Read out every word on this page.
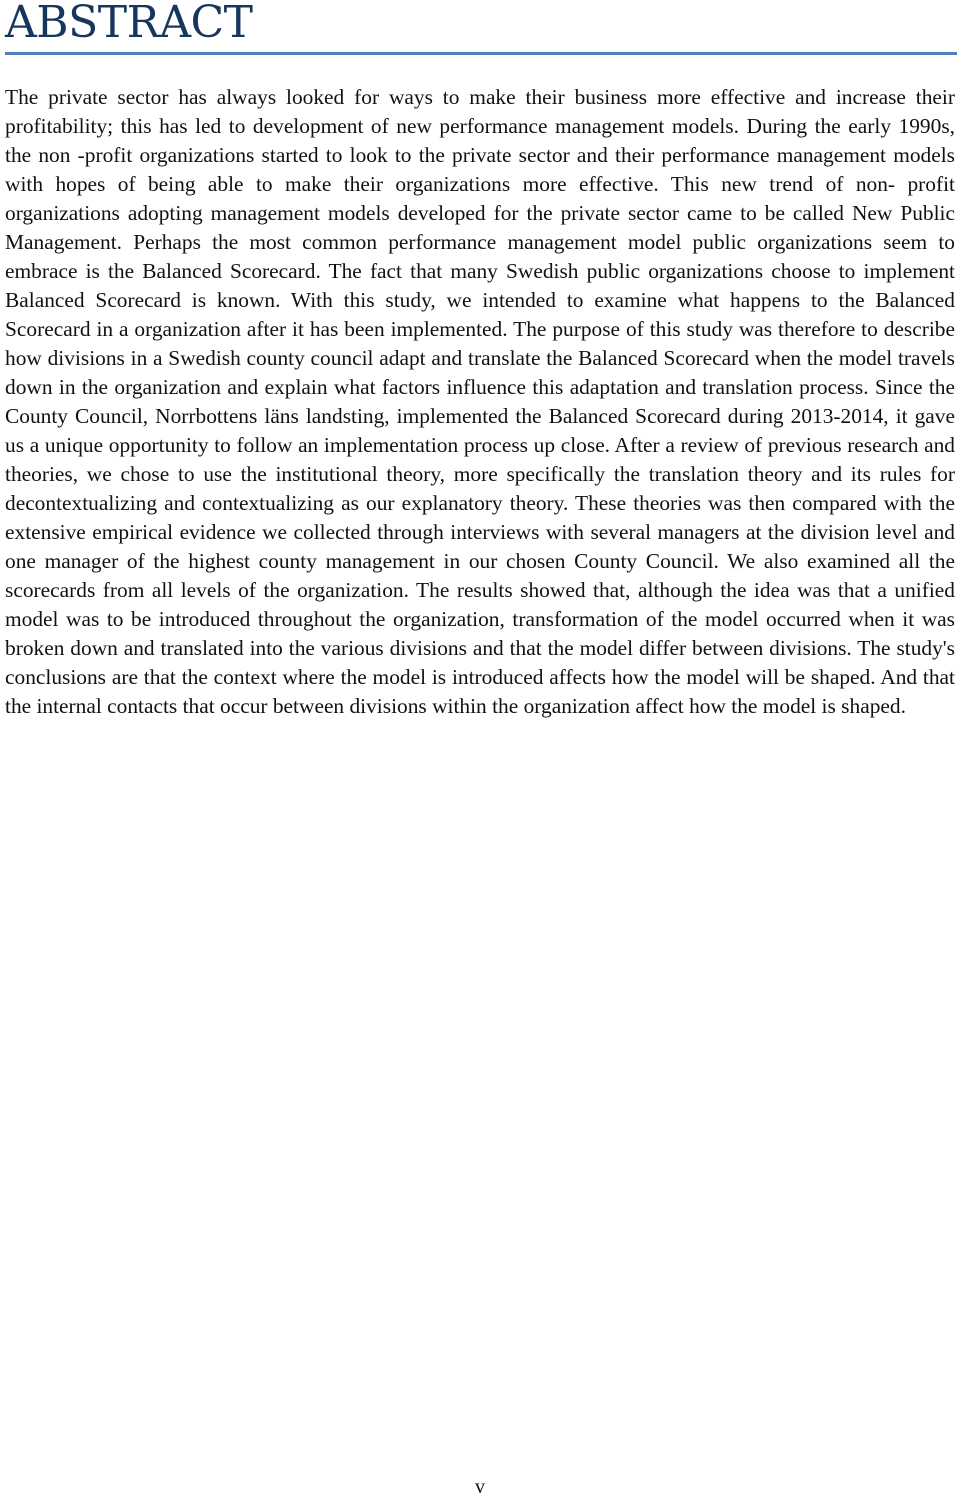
ABSTRACT

The private sector has always looked for ways to make their business more effective and increase their profitability; this has led to development of new performance management models. During the early 1990s, the non -profit organizations started to look to the private sector and their performance management models with hopes of being able to make their organizations more effective. This new trend of non- profit organizations adopting management models developed for the private sector came to be called New Public Management. Perhaps the most common performance management model public organizations seem to embrace is the Balanced Scorecard. The fact that many Swedish public organizations choose to implement Balanced Scorecard is known. With this study, we intended to examine what happens to the Balanced Scorecard in a organization after it has been implemented. The purpose of this study was therefore to describe how divisions in a Swedish county council adapt and translate the Balanced Scorecard when the model travels down in the organization and explain what factors influence this adaptation and translation process. Since the County Council, Norrbottens läns landsting, implemented the Balanced Scorecard during 2013-2014, it gave us a unique opportunity to follow an implementation process up close. After a review of previous research and theories, we chose to use the institutional theory, more specifically the translation theory and its rules for decontextualizing and contextualizing as our explanatory theory. These theories was then compared with the extensive empirical evidence we collected through interviews with several managers at the division level and one manager of the highest county management in our chosen County Council. We also examined all the scorecards from all levels of the organization. The results showed that, although the idea was that a unified model was to be introduced throughout the organization, transformation of the model occurred when it was broken down and translated into the various divisions and that the model differ between divisions. The study's conclusions are that the context where the model is introduced affects how the model will be shaped. And that the internal contacts that occur between divisions within the organization affect how the model is shaped.

v
